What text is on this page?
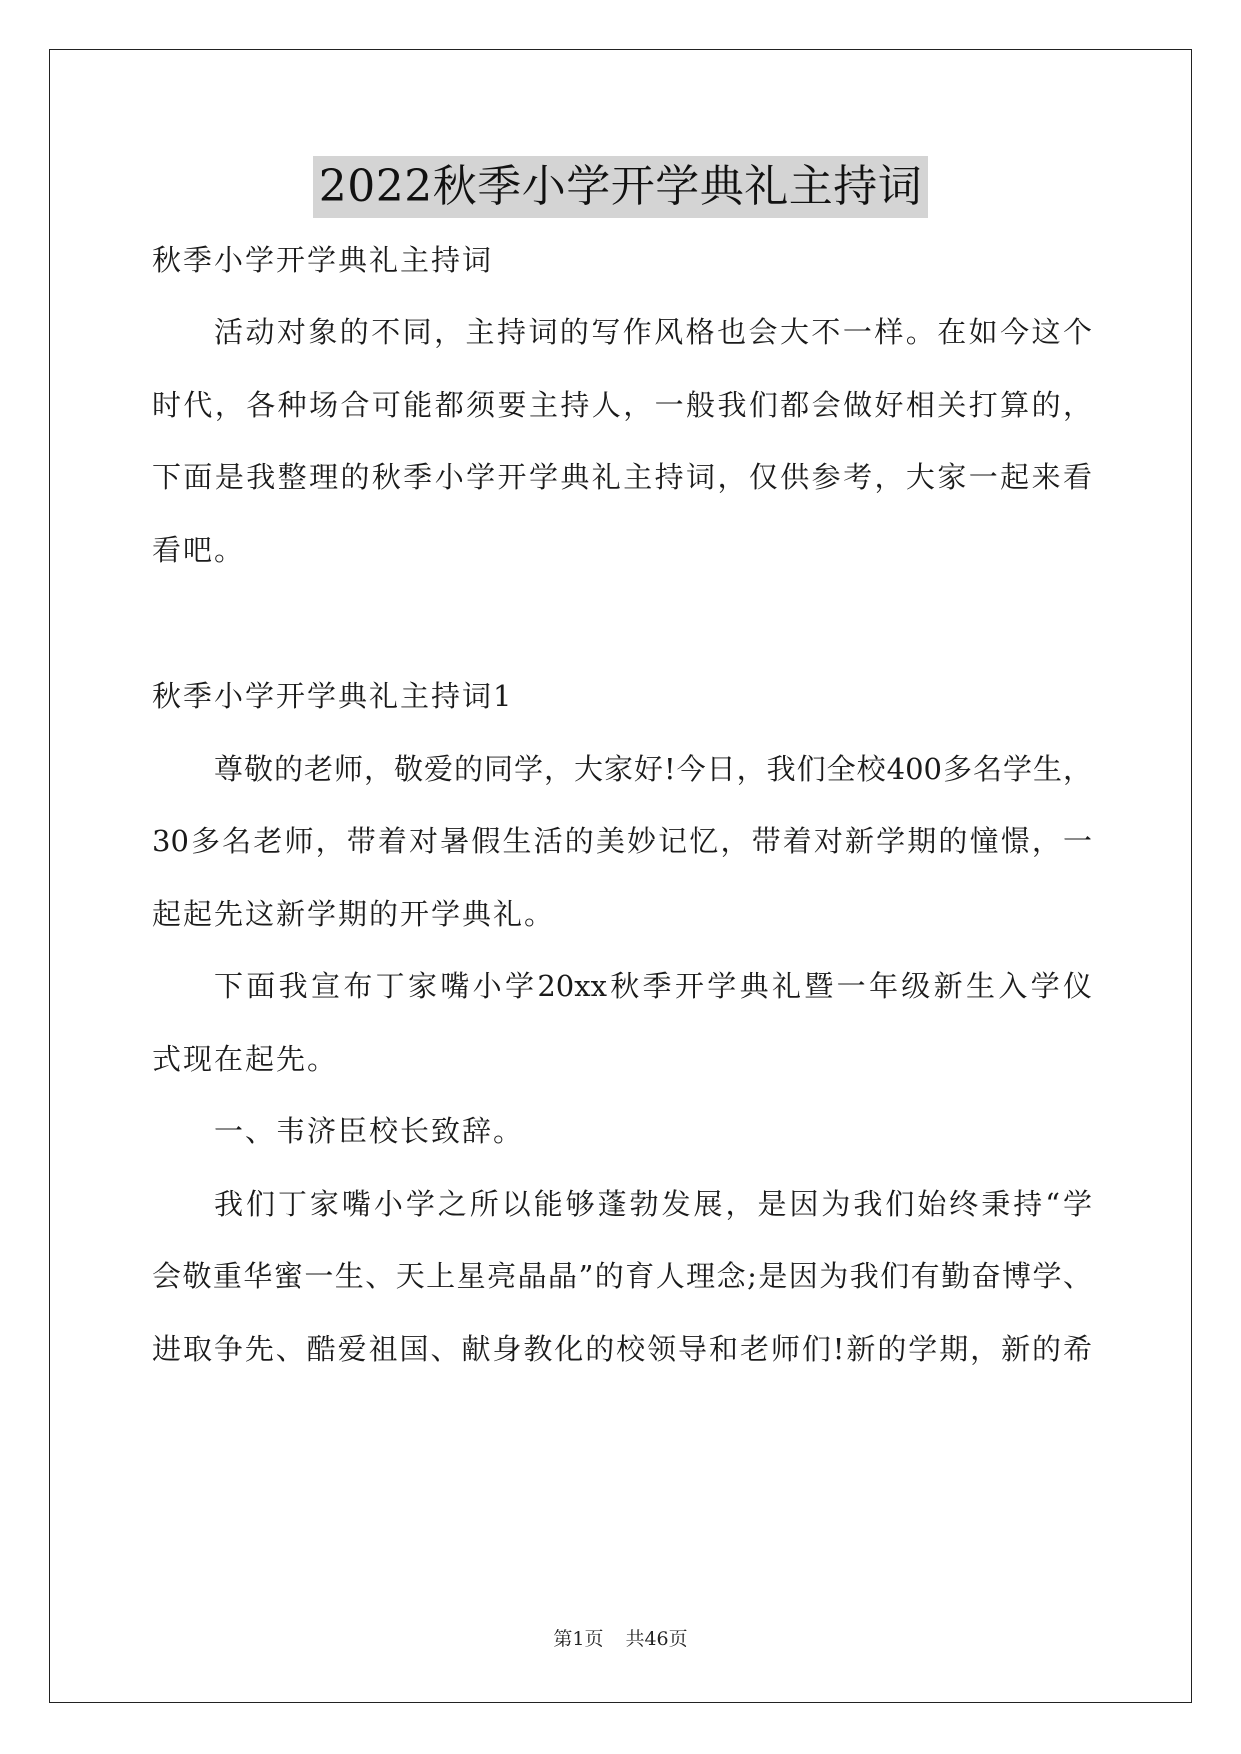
2022秋季小学开学典礼主持词
秋季小学开学典礼主持词
活动对象的不同，主持词的写作风格也会大不一样。在如今这个
时代，各种场合可能都须要主持人，一般我们都会做好相关打算的，
下面是我整理的秋季小学开学典礼主持词，仅供参考，大家一起来看
看吧。
秋季小学开学典礼主持词1
尊敬的老师，敬爱的同学，大家好!今日，我们全校400多名学生，
30多名老师，带着对暑假生活的美妙记忆，带着对新学期的憧憬，一
起起先这新学期的开学典礼。
下面我宣布丁家嘴小学20xx秋季开学典礼暨一年级新生入学仪
式现在起先。
一、韦济臣校长致辞。
我们丁家嘴小学之所以能够蓬勃发展，是因为我们始终秉持“学
会敬重华蜜一生、天上星亮晶晶”的育人理念;是因为我们有勤奋博学、
进取争先、酷爱祖国、献身教化的校领导和老师们!新的学期，新的希
第1页 共46页
